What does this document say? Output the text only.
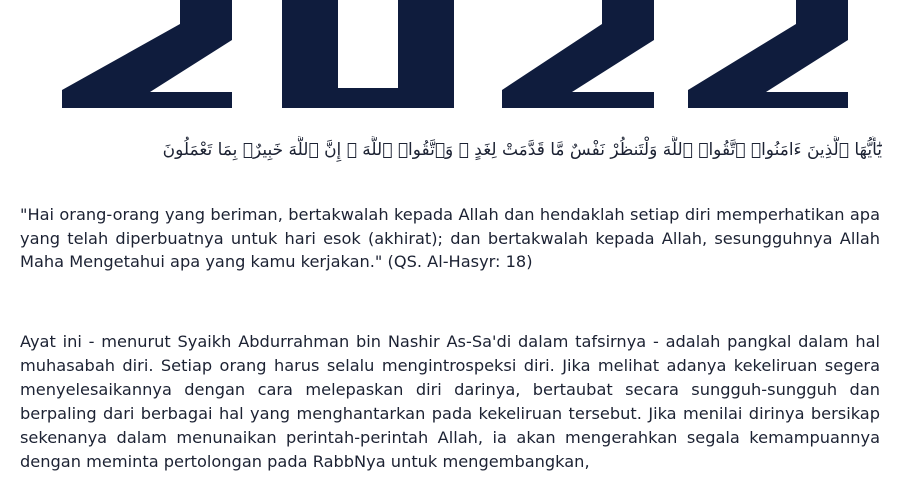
يَٰٓأَيُّهَا ٱلَّذِينَ ءَامَنُوا۟ ٱتَّقُوا۟ ٱللَّهَ وَلْتَنظُرْ نَفْسٌ مَّا قَدَّمَتْ لِغَدٍ ۖ وَٱتَّقُوا۟ ٱللَّهَ ۚ إِنَّ ٱللَّهَ خَبِيرٌۢ بِمَا تَعْمَلُونَ

"Hai orang-orang yang beriman, bertakwalah kepada Allah dan hendaklah setiap diri memperhatikan apa yang telah diperbuatnya untuk hari esok (akhirat); dan bertakwalah kepada Allah, sesungguhnya Allah Maha Mengetahui apa yang kamu kerjakan." (QS. Al-Hasyr: 18)

Ayat ini - menurut Syaikh Abdurrahman bin Nashir As-Sa'di dalam tafsirnya - adalah pangkal dalam hal muhasabah diri. Setiap orang harus selalu mengintrospeksi diri. Jika melihat adanya kekeliruan segera menyelesaikannya dengan cara melepaskan diri darinya, bertaubat secara sungguh-sungguh dan berpaling dari berbagai hal yang menghantarkan pada kekeliruan tersebut. Jika menilai dirinya bersikap sekenanya dalam menunaikan perintah-perintah Allah, ia akan mengerahkan segala kemampuannya dengan meminta pertolongan pada RabbNya untuk mengembangkan,
